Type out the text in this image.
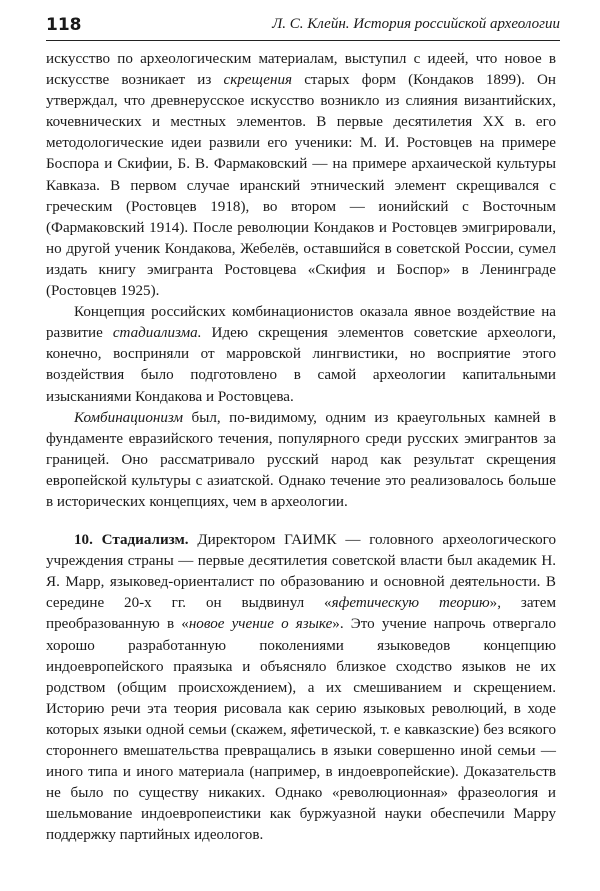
118	Л. С. Клейн. История российской археологии

искусство по археологическим материалам, выступил с идеей, что новое в искусстве возникает из скрещения старых форм (Кондаков 1899). Он утверждал, что древнерусское искусство возникло из слияния византийских, кочевнических и местных элементов. В первые десятилетия XX в. его методологические идеи развили его ученики: М. И. Ростовцев на примере Боспора и Скифии, Б. В. Фармаковский — на примере архаической культуры Кавказа. В первом случае иранский этнический элемент скрещивался с греческим (Ростовцев 1918), во втором — ионийский с Восточным (Фармаковский 1914). После революции Кондаков и Ростовцев эмигрировали, но другой ученик Кондакова, Жебелёв, оставшийся в советской России, сумел издать книгу эмигранта Ростовцева «Скифия и Боспор» в Ленинграде (Ростовцев 1925).

Концепция российских комбинационистов оказала явное воздействие на развитие стадиализма. Идею скрещения элементов советские археологи, конечно, восприняли от марровской лингвистики, но восприятие этого воздействия было подготовлено в самой археологии капитальными изысканиями Кондакова и Ростовцева.

Комбинационизм был, по-видимому, одним из краеугольных камней в фундаменте евразийского течения, популярного среди русских эмигрантов за границей. Оно рассматривало русский народ как результат скрещения европейской культуры с азиатской. Однако течение это реализовалось больше в исторических концепциях, чем в археологии.

10. Стадиализм. Директором ГАИМК — головного археологического учреждения страны — первые десятилетия советской власти был академик Н. Я. Марр, языковед-ориенталист по образованию и основной деятельности. В середине 20-х гг. он выдвинул «яфетическую теорию», затем преобразованную в «новое учение о языке». Это учение напрочь отвергало хорошо разработанную поколениями языковедов концепцию индоевропейского праязыка и объясняло близкое сходство языков не их родством (общим происхождением), а их смешиванием и скрещением. Историю речи эта теория рисовала как серию языковых революций, в ходе которых языки одной семьи (скажем, яфетической, т. е кавказские) без всякого стороннего вмешательства превращались в языки совершенно иной семьи — иного типа и иного материала (например, в индоевропейские). Доказательств не было по существу никаких. Однако «революционная» фразеология и шельмование индоевропеистики как буржуазной науки обеспечили Марру поддержку партийных идеологов.
